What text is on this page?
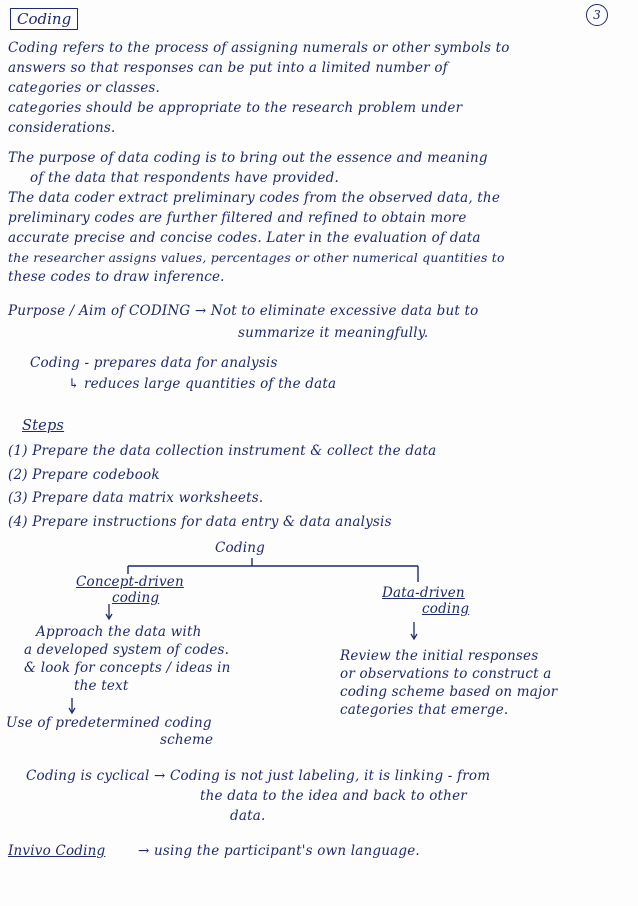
Coding	3
Coding refers to the process of assigning numerals or other symbols to
answers so that responses can be put into a limited number of
categories or classes.
categories should be appropriate to the research problem under
considerations.
The purpose of data coding is to bring out the essence and meaning
of the data that respondents have provided.
The data coder extract preliminary codes from the observed data, the
preliminary codes are further filtered and refined to obtain more
accurate precise and concise codes. Later in the evaluation of data
the researcher assigns values, percentages or other numerical quantities to
these codes to draw inference.
Purpose / Aim of CODING → Not to eliminate excessive data but to
summarize it meaningfully.
Coding - prepares data for analysis
↳ reduces large quantities of the data
Steps
(1) Prepare the data collection instrument & collect the data
(2) Prepare codebook
(3) Prepare data matrix worksheets.
(4) Prepare instructions for data entry & data analysis
Coding
Concept-driven
coding
Approach the data with
a developed system of codes.
& look for concepts / ideas in
the text
Use of predetermined coding
scheme
Data-driven
coding
Review the initial responses
or observations to construct a
coding scheme based on major
categories that emerge.
Coding is cyclical → Coding is not just labeling, it is linking - from
the data to the idea and back to other
data.
Invivo Coding → using the participant's own language.
